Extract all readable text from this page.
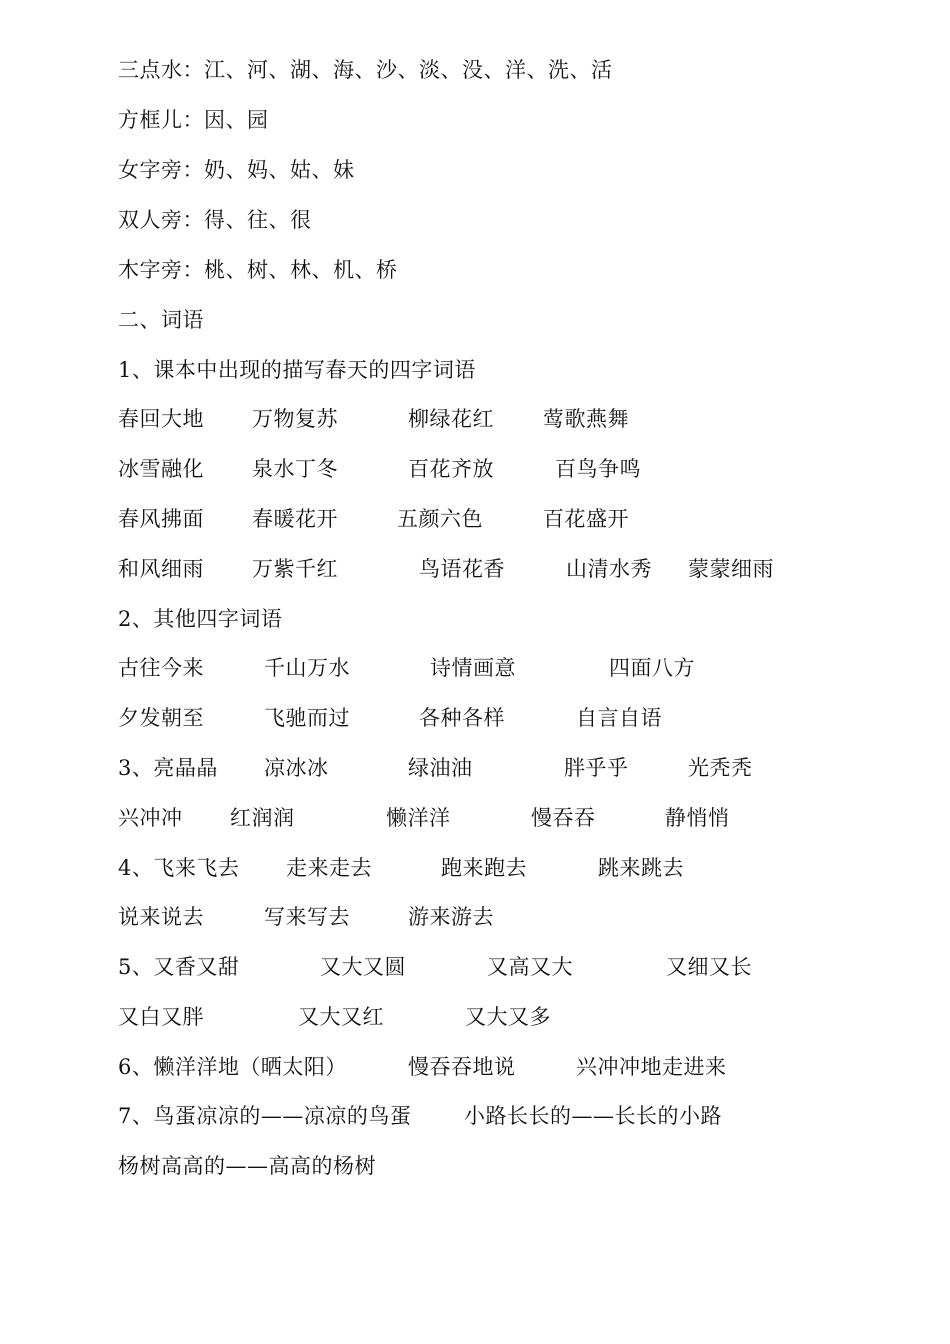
三点水：江、河、湖、海、沙、淡、没、洋、洗、活
方框儿：因、园
女字旁：奶、妈、姑、妹
双人旁：得、往、很
木字旁：桃、树、林、机、桥
二、词语
1、课本中出现的描写春天的四字词语
春回大地 万物复苏	柳绿花红 莺歌燕舞
冰雪融化 泉水丁冬	百花齐放	百鸟争鸣
春风拂面 春暖花开	五颜六色	百花盛开
和风细雨 万紫千红	鸟语花香	山清水秀 蒙蒙细雨
2、其他四字词语
古往今来	千山万水	诗情画意	四面八方
夕发朝至	飞驰而过	各种各样	自言自语
3、亮晶晶 凉冰冰	绿油油	胖乎乎	光秃秃
兴冲冲 红润润	懒洋洋	慢吞吞	静悄悄
4、飞来飞去 走来走去	跑来跑去	跳来跳去
说来说去	写来写去	游来游去
5、又香又甜	又大又圆	又高又大	又细又长
又白又胖	又大又红	又大又多
6、懒洋洋地（晒太阳）	慢吞吞地说	兴冲冲地走进来
7、鸟蛋凉凉的——凉凉的鸟蛋	小路长长的——长长的小路
杨树高高的——高高的杨树
